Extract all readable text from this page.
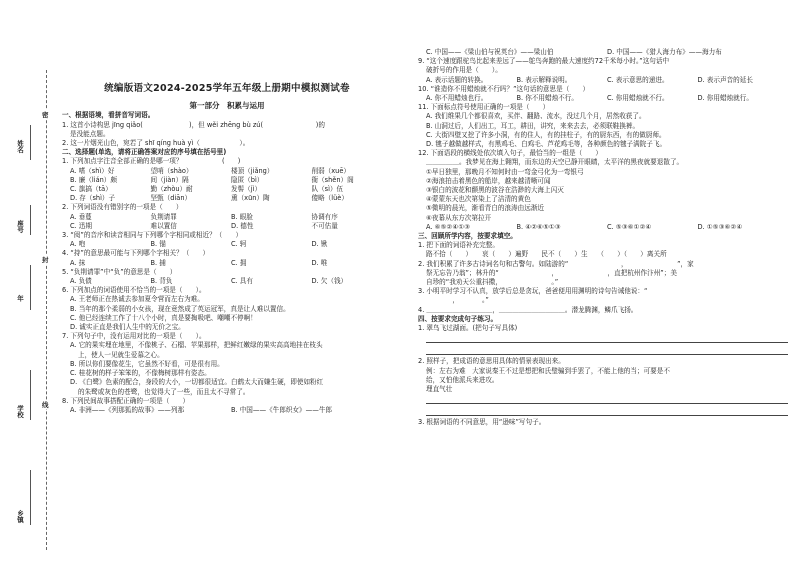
姓名
座号
年
学校
乡镇
密
封
线
统编版语文2024-2025学年五年级上册期中模拟测试卷
第一部分　积累与运用
一、根据语境，看拼音写词语。
1. 这首小诗构思 jīng qiǎo(　　　　　　　)，但 wěi zhēng bù zú(　　　　　　　　)的
是没能点题。
2. 这一片烟光山色，宛若了 shī qíng huà yì（　　　　　　）。
二、选择题(单选，请将正确答案对应的序号填在括号里)
1. 下列加点字注音全部正确的是哪一项？　　　　　　(　　)
A. 嗜（shì）好	望哨（shào）	楼顶（jiǎng）	削弱（xuē）
B. 廉（lián）颇	间（jiàn）隔	隐匿（bì）	衙（shěn）阁
C. 旗搞（tā）	勤（zhòu）耐	发髻（jì）	队（sì）伍
D. 存（shì）子	坚甄（diān）	熏（xūn）陶	傻略（lüè）
2. 下列词语没有错别字的一项是（　　）
A. 垂蔓	负荆请罪	B. 眼脸	协调有序
C. 迅期	难以置信	D. 德性	不可估量
3. “阅”的音序和读音相同与下列哪个字相同或相近？（　　）
A. 咆	B. 锚	C. 轲	D. 锹
4. “持”的意思最可能与下列哪个字相关？（　　）
A. 抹	B. 捕	C. 拥	D. 唯
5. “负荆请罪”中“负”的意思是（　　）
A. 负债	B. 背负	C. 具有	D. 欠（钱）
6. 下列加点的词语使用不恰当的一项是（　　）。
A. 王老师正在热诚去参加夏令营而左右为难。
B. 当年的那个柔弱的小女孩，现在竟然成了英运冠军，真是让人难以置信。
C. 他已经连续工作了十八个小时，真是要掏吸吧、嘲嘲不停啊！
D. 诚实正直是我们人生中的无价之宝。
7. 下列句子中，没有运用对比的一项是（　　）。
A. 它的果实埋在地里，不像桃子、石榴、苹果那样，把鲜红嫩绿的果实高高地挂在枝头
上，使人一见就生爱慕之心。
B. 所以你们要像花生，它虽然不好看，可是很有用。
C. 桂花树的样子笨笨的，不像梅树那样有姿态。
D. 《白鹭》色素的配合，身段的大小，一切都很适宜。白鹤太大而嫌生硬，即使如粉红
的朱鹭或灰色的苍鹭，也觉得大了一些，而且太不寻常了。
8. 下列民间故事搭配正确的一项是（　　）
A. 非洲——《列那狐的故事》——列那	B. 中国——《牛郎织女》——牛郎
C. 中国——《梁山伯与祝英台》——梁山伯	D. 中国——《猎人海力布》——海力布
9. “这个速度跟驼鸟比起来差远了——鸵鸟奔跑的最大速度约72千米每小时。”这句话中
破折号的作用是（　　）。
A. 表示话题的转换。	B. 表示解释说明。	C. 表示意思的递进。	D. 表示声音的延长
10. “谁造你不用蜡烛就不行吗？”这句话的意思是（　　）
A. 你不用蜡烛也行。	B. 你不用蜡烛不行。	C. 你用蜡烛就不行。	D. 你用蜡烛就行。
11. 下面标点符号使用正确的一项是（　　）
A. 我们维果几个都很喜欢，买伴、翻路、流水，没过几个月，居然收获了。
B. 山洞过后，人们出工，耳工，耕田，讲究，来来去去，必须联鞋换裤。
C. 大街四壁又挖了许多小洞，有的住人，有的挂柱子，有的厨东西，有的做厨师。
D. 毽子越做越样式，有黑鸡毛、白鸡毛、芦花鸡毛等，各种颜色的毽子满院子飞。
12. 下面语段的横线处依次填入句子，最恰当的一组是（　　）
＿＿＿＿＿。我梦见在海上翱翔，而东边的天空已静开眼睛，太平洋的黑夜就要退散了。
①早日独里，那晚月不知何时由一弯金弓化为一弯银弓
②海浪拍击着黑色的船岸，越来越清晰可闻
③银白的波花和颤黑的波谷在浩渺的大海上闪灭
④蒙蒙东天也次第染上了洁清的黄色
⑤微明的晨光，渐看青白的浪涛由远渐近
⑥夜幕从东方次第拉开
A. ⑥⑤②④①③	B. ④②⑥⑤①③	C. ⑤③⑥①②④	D. ①⑤③⑥②④
三、回顾所学内容，按要求填空。
1. 把下面的词语补充完整。
路不拾（　　）　　哀（　　）遍野　　民不（　　）生　　（　　）（　　）离关所
2. 我们积累了许多古诗词名句和古警句。如陆游的“　　　　　　　　，　　　　　　　　”，家
祭无忘告乃翁”；林升的“　　　　　　　　，　　　　　　　　，直把杭州作汴州”；美
自珍的“我劝天公重抖擞，　　　　　　　　。”
3. 小明平时学习不认真，放学后总是贪玩，爸爸便用用渊明的诗句告诫他说：“　　　　　
　　　　，　　　　。”
4. ＿＿＿＿＿＿＿＿＿＿，＿＿＿＿＿＿＿＿＿＿。潜龙腾渊，鳞爪飞扬。
四、按要求完成句子练习。
1. 翠鸟飞过湖面。(把句子写具体)
2. 照样子，把成语的意思用具体的情景表现出来。
例：左右为难　大家说秦王不过是想把和氏璧骗到手罢了，不能上他的当；可要是不
给，又怕他派兵来进攻。
理直气壮
3. 根据词语的不同意思，用“逊味”写句子。
